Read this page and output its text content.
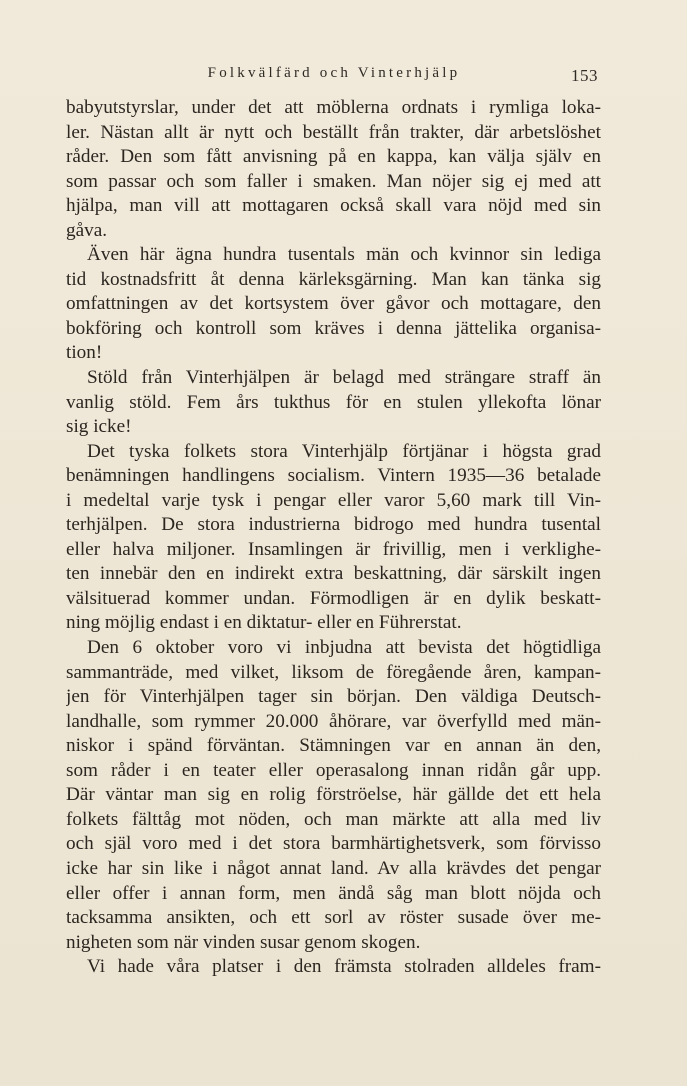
Folkvälfärd och Vinterhjälp	153
babyutstyrslar, under det att möblerna ordnats i rymliga loka-
ler. Nästan allt är nytt och beställt från trakter, där arbetslöshet
råder. Den som fått anvisning på en kappa, kan välja själv en
som passar och som faller i smaken. Man nöjer sig ej med att
hjälpa, man vill att mottagaren också skall vara nöjd med sin
gåva.
Även här ägna hundra tusentals män och kvinnor sin lediga
tid kostnadsfritt åt denna kärleksgärning. Man kan tänka sig
omfattningen av det kortsystem över gåvor och mottagare, den
bokföring och kontroll som kräves i denna jättelika organisa-
tion!
Stöld från Vinterhjälpen är belagd med strängare straff än
vanlig stöld. Fem års tukthus för en stulen yllekofta lönar
sig icke!
Det tyska folkets stora Vinterhjälp förtjänar i högsta grad
benämningen handlingens socialism. Vintern 1935—36 betalade
i medeltal varje tysk i pengar eller varor 5,60 mark till Vin-
terhjälpen. De stora industrierna bidrogo med hundra tusental
eller halva miljoner. Insamlingen är frivillig, men i verklighe-
ten innebär den en indirekt extra beskattning, där särskilt ingen
välsituerad kommer undan. Förmodligen är en dylik beskatt-
ning möjlig endast i en diktatur- eller en Führerstat.
Den 6 oktober voro vi inbjudna att bevista det högtidliga
sammanträde, med vilket, liksom de föregående åren, kampan-
jen för Vinterhjälpen tager sin början. Den väldiga Deutsch-
landhalle, som rymmer 20.000 åhörare, var överfylld med män-
niskor i spänd förväntan. Stämningen var en annan än den,
som råder i en teater eller operasalong innan ridån går upp.
Där väntar man sig en rolig förströelse, här gällde det ett hela
folkets fälttåg mot nöden, och man märkte att alla med liv
och själ voro med i det stora barmhärtighetsverk, som förvisso
icke har sin like i något annat land. Av alla krävdes det pengar
eller offer i annan form, men ändå såg man blott nöjda och
tacksamma ansikten, och ett sorl av röster susade över me-
nigheten som när vinden susar genom skogen.
Vi hade våra platser i den främsta stolraden alldeles fram-
